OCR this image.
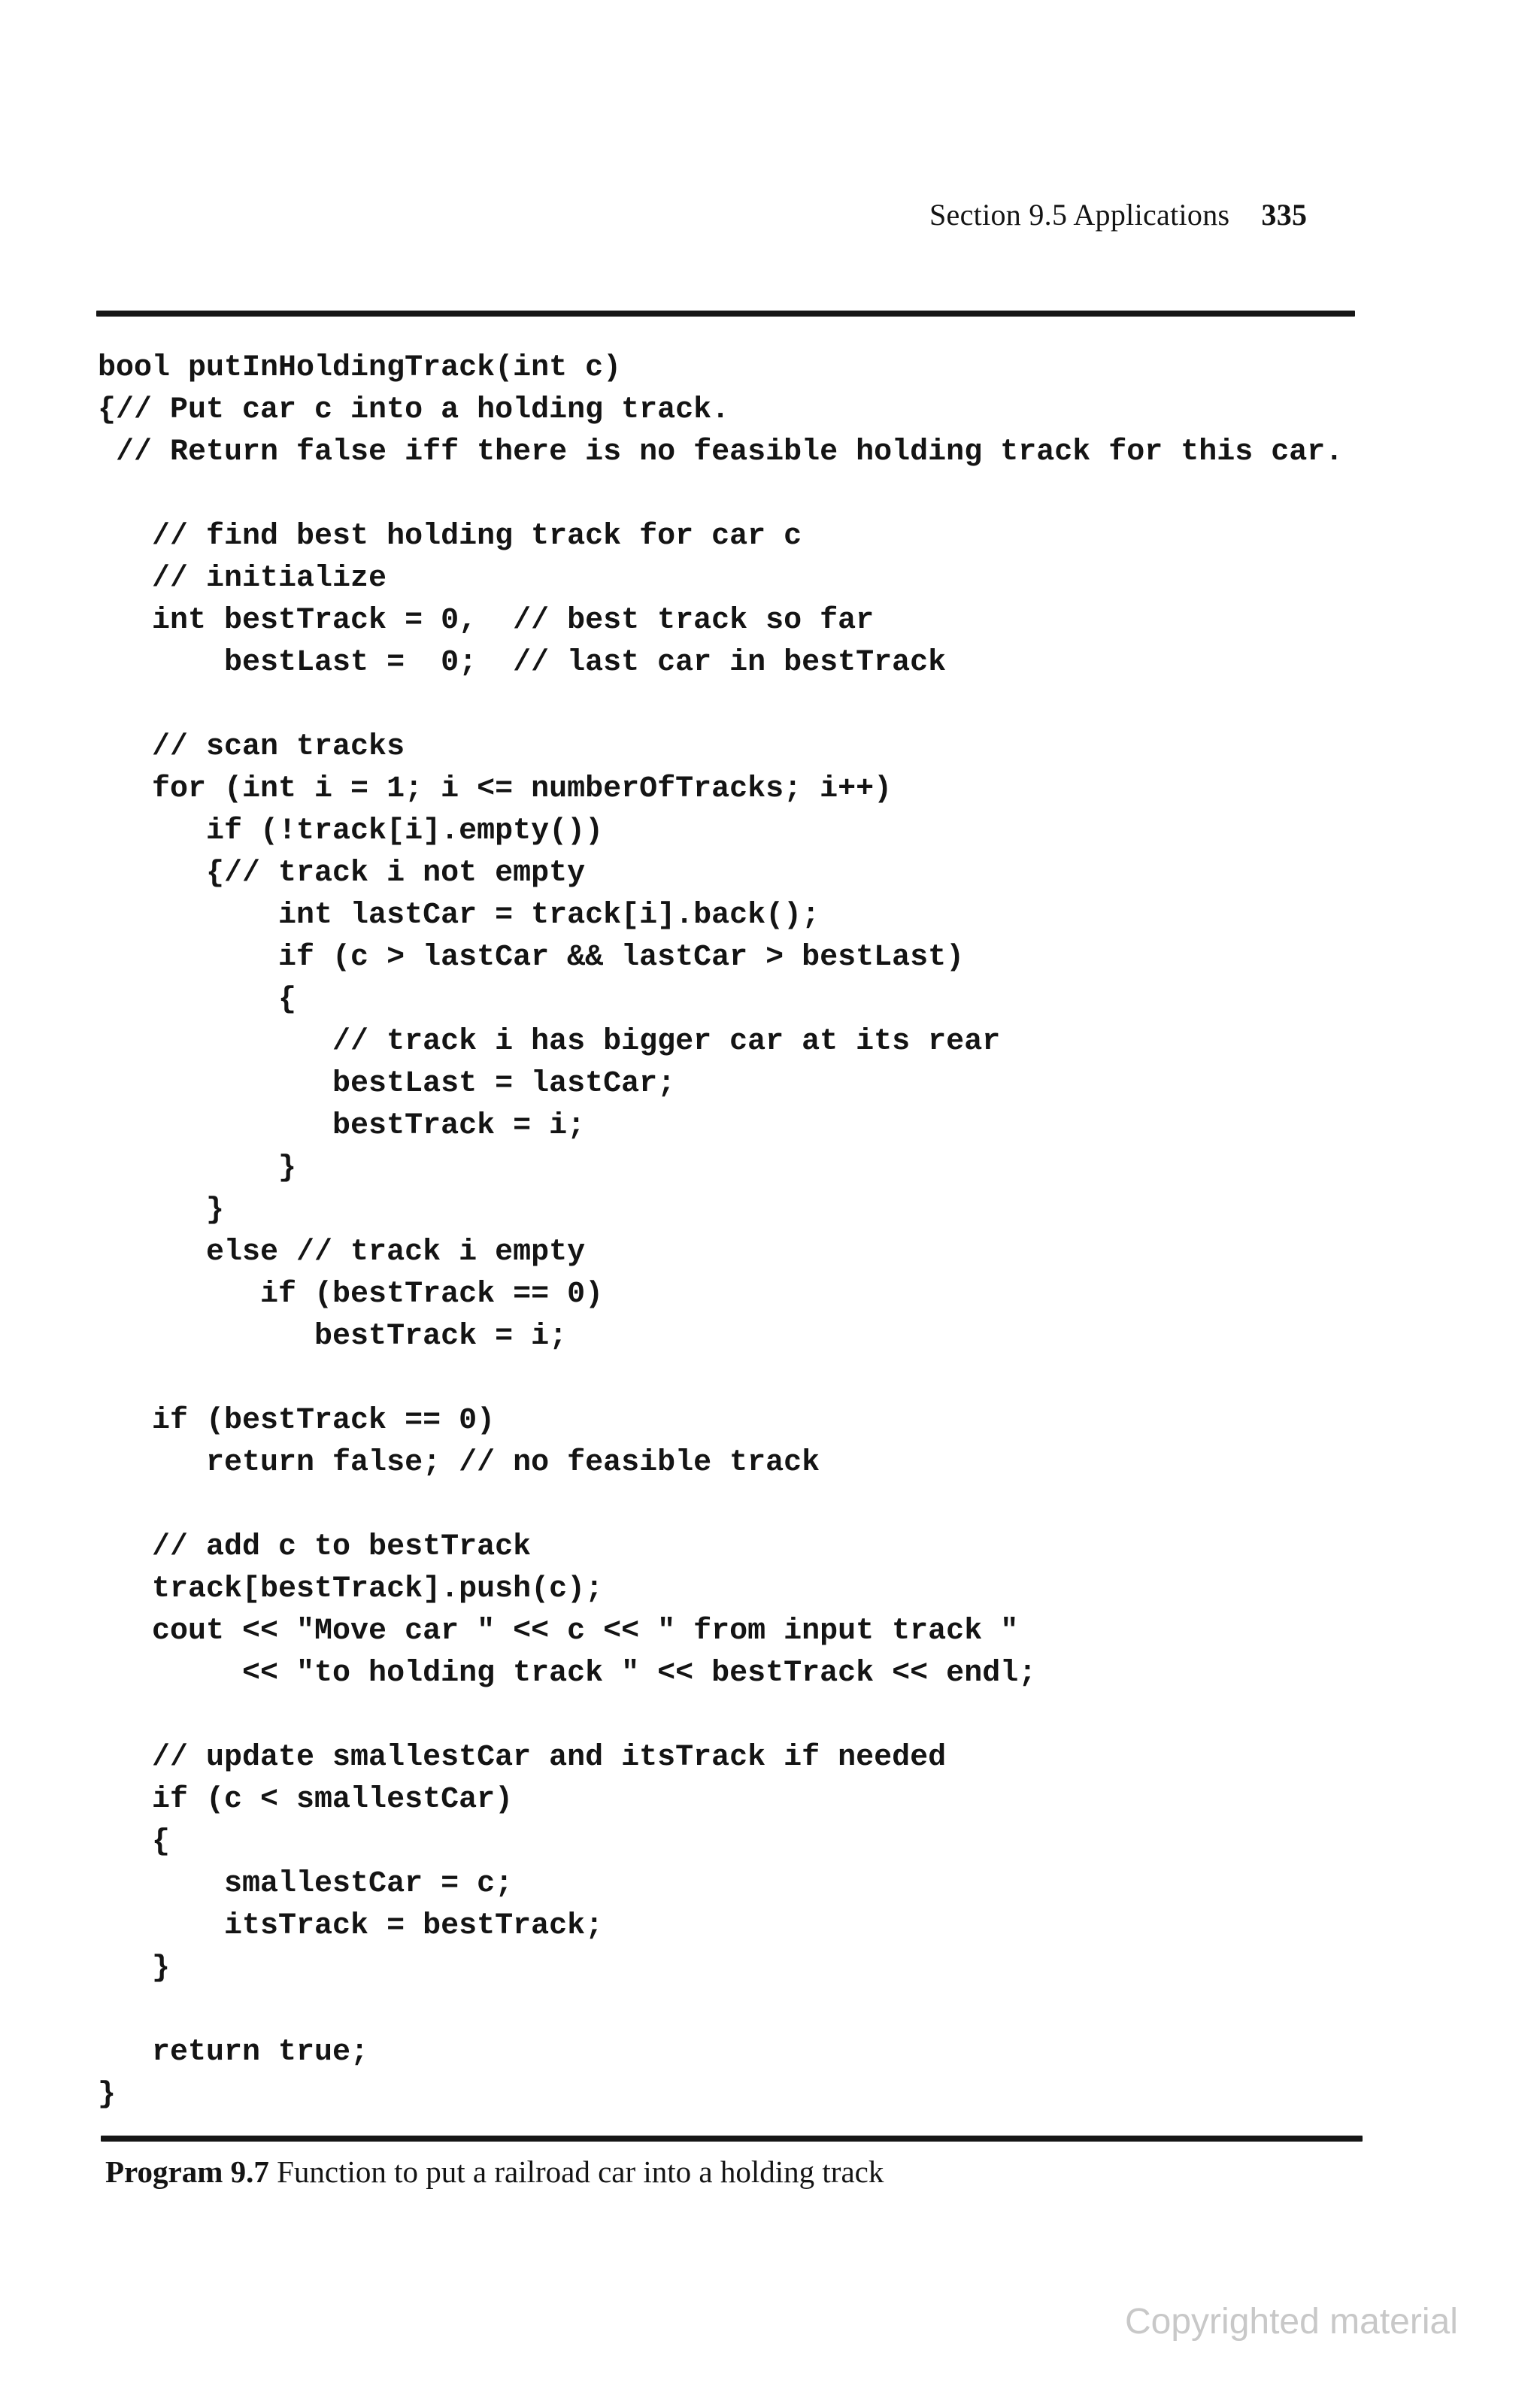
Section 9.5 Applications 335
bool putInHoldingTrack(int c)
{// Put car c into a holding track.
// Return false iff there is no feasible holding track for this car.
// find best holding track for car c
// initialize
int bestTrack = 0,  // best track so far
bestLast =  0;  // last car in bestTrack
// scan tracks
for (int i = 1; i <= numberOfTracks; i++)
if (!track[i].empty())
{// track i not empty
int lastCar = track[i].back();
if (c > lastCar && lastCar > bestLast)
{
// track i has bigger car at its rear
bestLast = lastCar;
bestTrack = i;
}
}
else // track i empty
if (bestTrack == 0)
bestTrack = i;
if (bestTrack == 0)
return false; // no feasible track
// add c to bestTrack
track[bestTrack].push(c);
cout << "Move car " << c << " from input track "
<< "to holding track " << bestTrack << endl;
// update smallestCar and itsTrack if needed
if (c < smallestCar)
{
smallestCar = c;
itsTrack = bestTrack;
}
return true;
}
Program 9.7 Function to put a railroad car into a holding track
Copyrighted material
